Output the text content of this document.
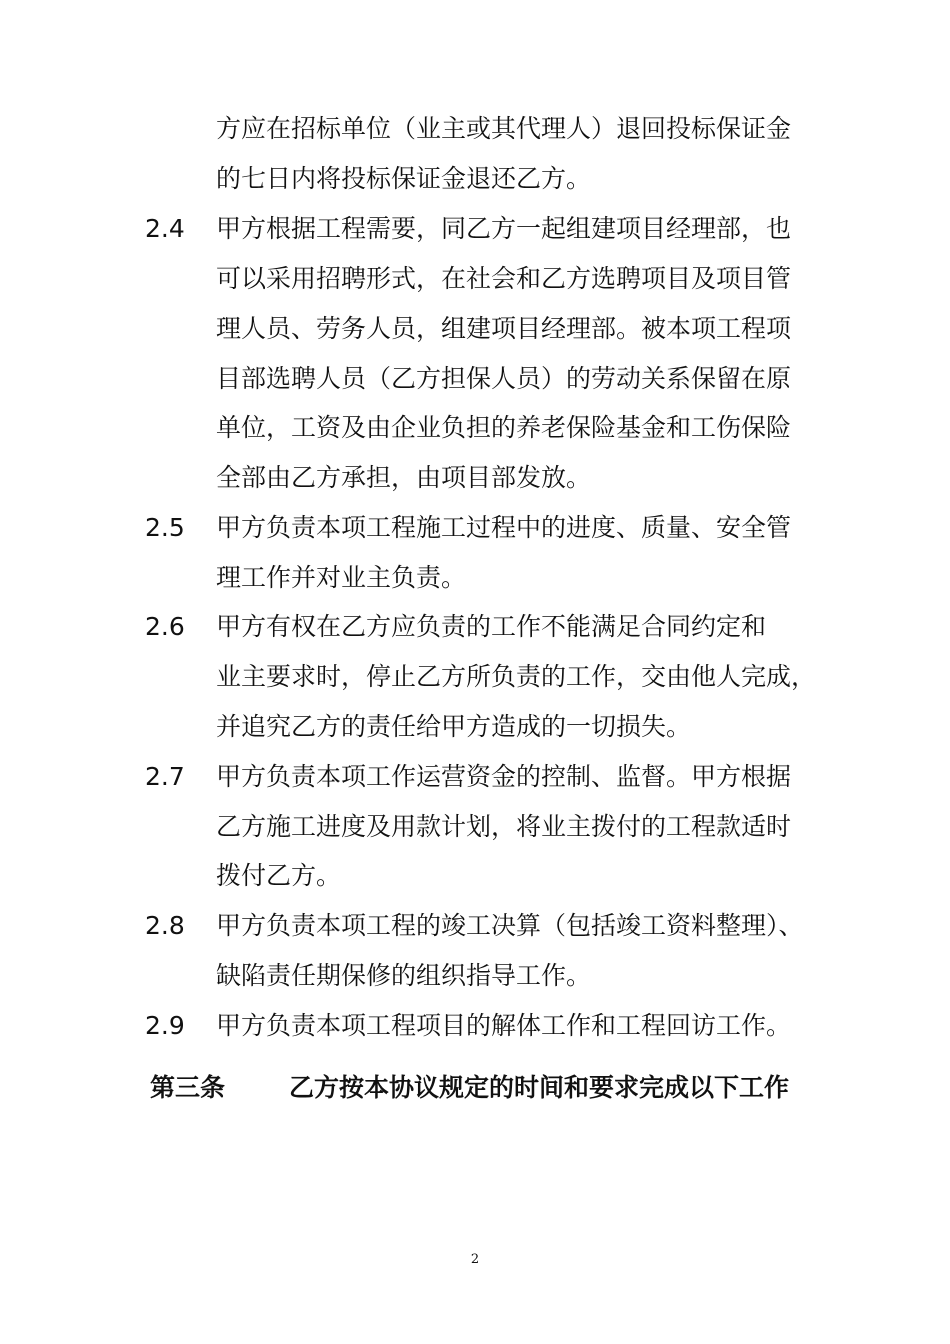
方应在招标单位（业主或其代理人）退回投标保证金
的七日内将投标保证金退还乙方。
2.4 甲方根据工程需要，同乙方一起组建项目经理部，也
可以采用招聘形式，在社会和乙方选聘项目及项目管
理人员、劳务人员，组建项目经理部。被本项工程项
目部选聘人员（乙方担保人员）的劳动关系保留在原
单位，工资及由企业负担的养老保险基金和工伤保险
全部由乙方承担，由项目部发放。
2.5 甲方负责本项工程施工过程中的进度、质量、安全管
理工作并对业主负责。
2.6 甲方有权在乙方应负责的工作不能满足合同约定和
业主要求时，停止乙方所负责的工作，交由他人完成，
并追究乙方的责任给甲方造成的一切损失。
2.7 甲方负责本项工作运营资金的控制、监督。甲方根据
乙方施工进度及用款计划，将业主拨付的工程款适时
拨付乙方。
2.8 甲方负责本项工程的竣工决算（包括竣工资料整理）、
缺陷责任期保修的组织指导工作。
2.9 甲方负责本项工程项目的解体工作和工程回访工作。
第三条	乙方按本协议规定的时间和要求完成以下工作
2
